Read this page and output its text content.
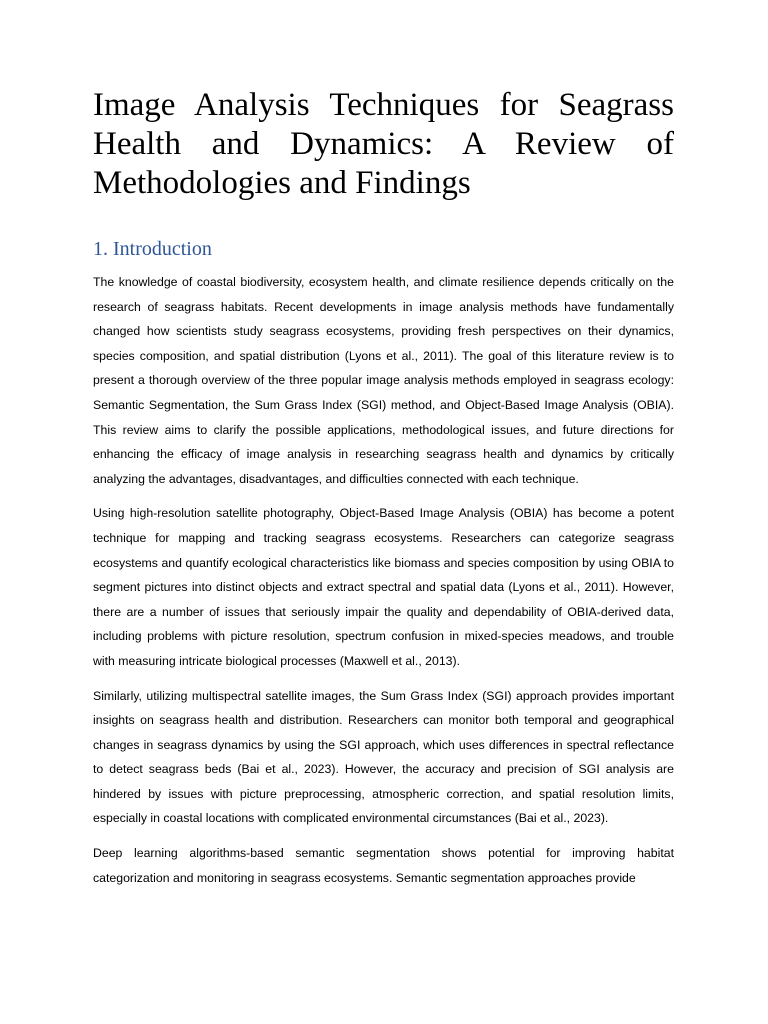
Image Analysis Techniques for Seagrass Health and Dynamics: A Review of Methodologies and Findings
1. Introduction

The knowledge of coastal biodiversity, ecosystem health, and climate resilience depends critically on the research of seagrass habitats. Recent developments in image analysis methods have fundamentally changed how scientists study seagrass ecosystems, providing fresh perspectives on their dynamics, species composition, and spatial distribution (Lyons et al., 2011). The goal of this literature review is to present a thorough overview of the three popular image analysis methods employed in seagrass ecology: Semantic Segmentation, the Sum Grass Index (SGI) method, and Object-Based Image Analysis (OBIA). This review aims to clarify the possible applications, methodological issues, and future directions for enhancing the efficacy of image analysis in researching seagrass health and dynamics by critically analyzing the advantages, disadvantages, and difficulties connected with each technique.

Using high-resolution satellite photography, Object-Based Image Analysis (OBIA) has become a potent technique for mapping and tracking seagrass ecosystems. Researchers can categorize seagrass ecosystems and quantify ecological characteristics like biomass and species composition by using OBIA to segment pictures into distinct objects and extract spectral and spatial data (Lyons et al., 2011). However, there are a number of issues that seriously impair the quality and dependability of OBIA-derived data, including problems with picture resolution, spectrum confusion in mixed-species meadows, and trouble with measuring intricate biological processes (Maxwell et al., 2013).

Similarly, utilizing multispectral satellite images, the Sum Grass Index (SGI) approach provides important insights on seagrass health and distribution. Researchers can monitor both temporal and geographical changes in seagrass dynamics by using the SGI approach, which uses differences in spectral reflectance to detect seagrass beds (Bai et al., 2023). However, the accuracy and precision of SGI analysis are hindered by issues with picture preprocessing, atmospheric correction, and spatial resolution limits, especially in coastal locations with complicated environmental circumstances (Bai et al., 2023).

Deep learning algorithms-based semantic segmentation shows potential for improving habitat categorization and monitoring in seagrass ecosystems. Semantic segmentation approaches provide
